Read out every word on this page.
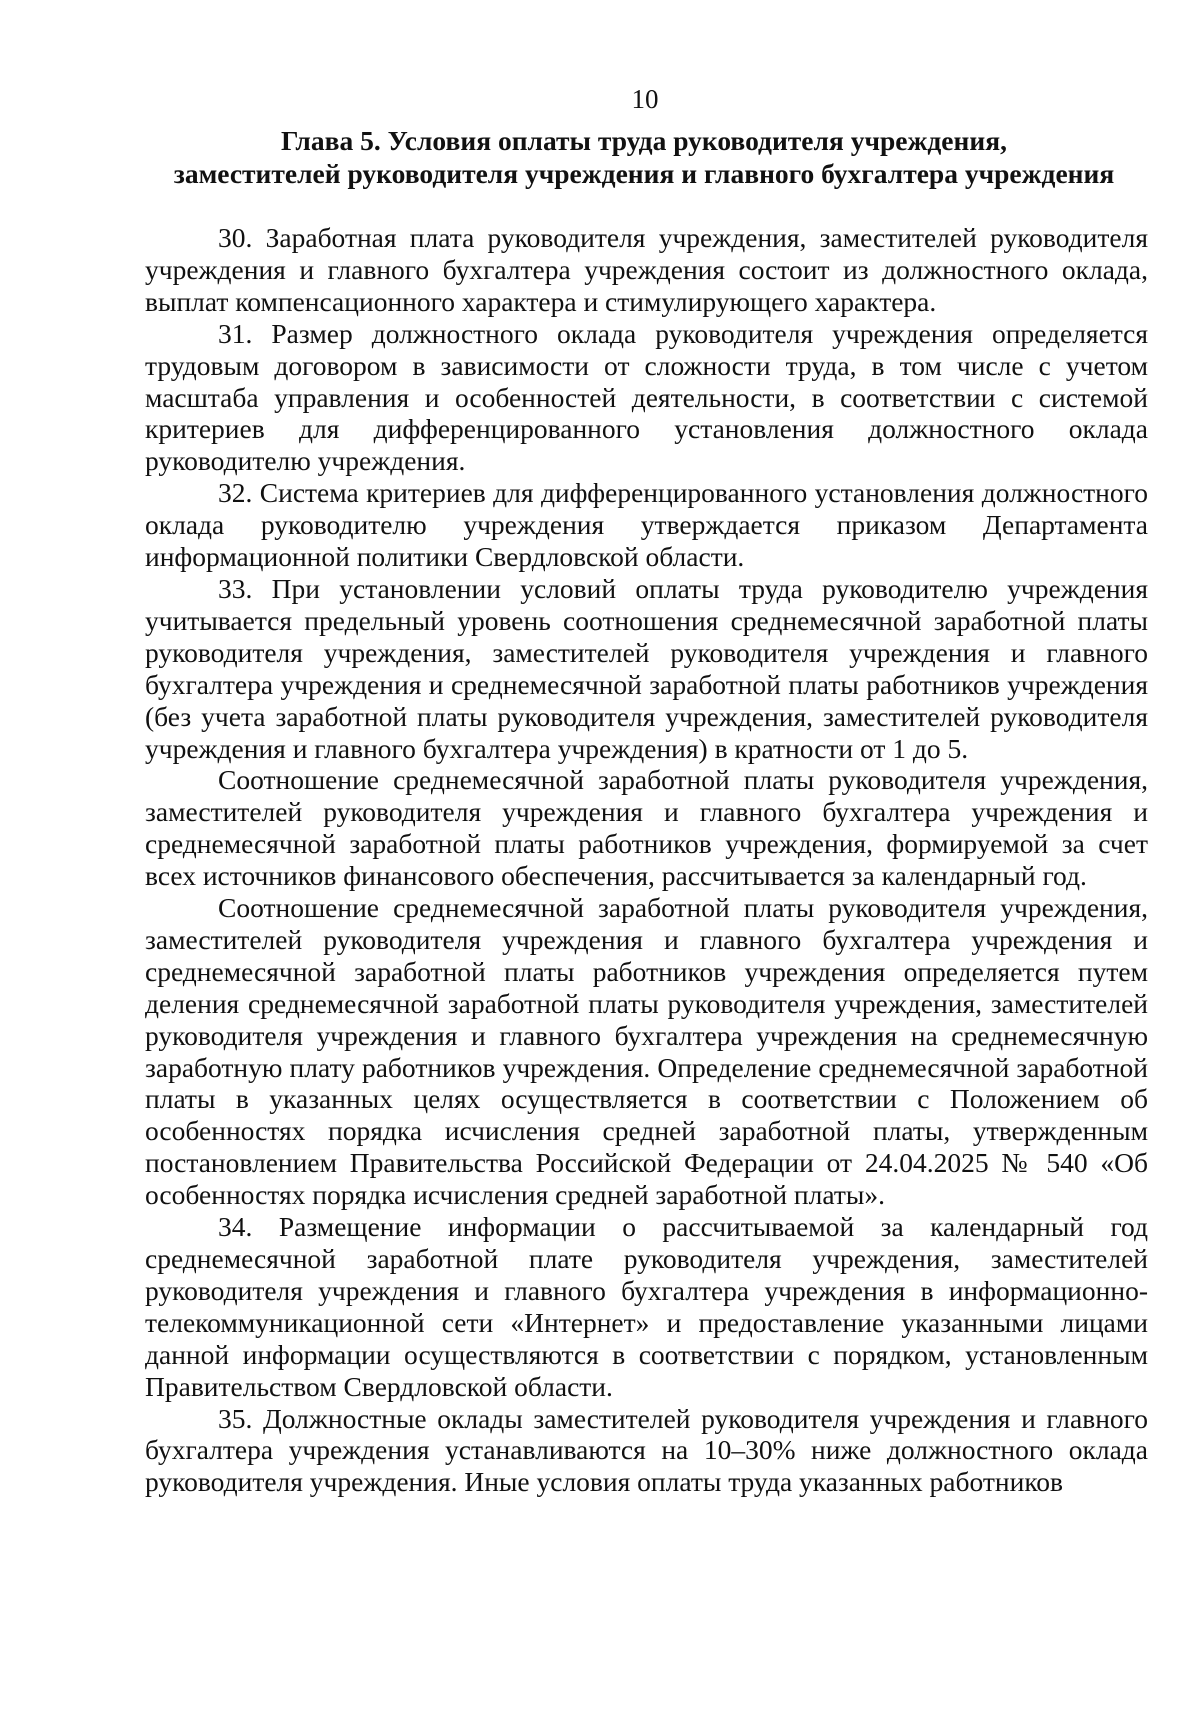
10
Глава 5. Условия оплаты труда руководителя учреждения,
заместителей руководителя учреждения и главного бухгалтера учреждения

30. Заработная плата руководителя учреждения, заместителей руководителя учреждения и главного бухгалтера учреждения состоит из должностного оклада, выплат компенсационного характера и стимулирующего характера.

31. Размер должностного оклада руководителя учреждения определяется трудовым договором в зависимости от сложности труда, в том числе с учетом масштаба управления и особенностей деятельности, в соответствии с системой критериев для дифференцированного установления должностного оклада руководителю учреждения.

32. Система критериев для дифференцированного установления должностного оклада руководителю учреждения утверждается приказом Департамента информационной политики Свердловской области.

33. При установлении условий оплаты труда руководителю учреждения учитывается предельный уровень соотношения среднемесячной заработной платы руководителя учреждения, заместителей руководителя учреждения и главного бухгалтера учреждения и среднемесячной заработной платы работников учреждения (без учета заработной платы руководителя учреждения, заместителей руководителя учреждения и главного бухгалтера учреждения) в кратности от 1 до 5.

Соотношение среднемесячной заработной платы руководителя учреждения, заместителей руководителя учреждения и главного бухгалтера учреждения и среднемесячной заработной платы работников учреждения, формируемой за счет всех источников финансового обеспечения, рассчитывается за календарный год.

Соотношение среднемесячной заработной платы руководителя учреждения, заместителей руководителя учреждения и главного бухгалтера учреждения и среднемесячной заработной платы работников учреждения определяется путем деления среднемесячной заработной платы руководителя учреждения, заместителей руководителя учреждения и главного бухгалтера учреждения на среднемесячную заработную плату работников учреждения. Определение среднемесячной заработной платы в указанных целях осуществляется в соответствии с Положением об особенностях порядка исчисления средней заработной платы, утвержденным постановлением Правительства Российской Федерации от 24.04.2025 № 540 «Об особенностях порядка исчисления средней заработной платы».

34. Размещение информации о рассчитываемой за календарный год среднемесячной заработной плате руководителя учреждения, заместителей руководителя учреждения и главного бухгалтера учреждения в информационно-телекоммуникационной сети «Интернет» и предоставление указанными лицами данной информации осуществляются в соответствии с порядком, установленным Правительством Свердловской области.

35. Должностные оклады заместителей руководителя учреждения и главного бухгалтера учреждения устанавливаются на 10–30% ниже должностного оклада руководителя учреждения. Иные условия оплаты труда указанных работников
